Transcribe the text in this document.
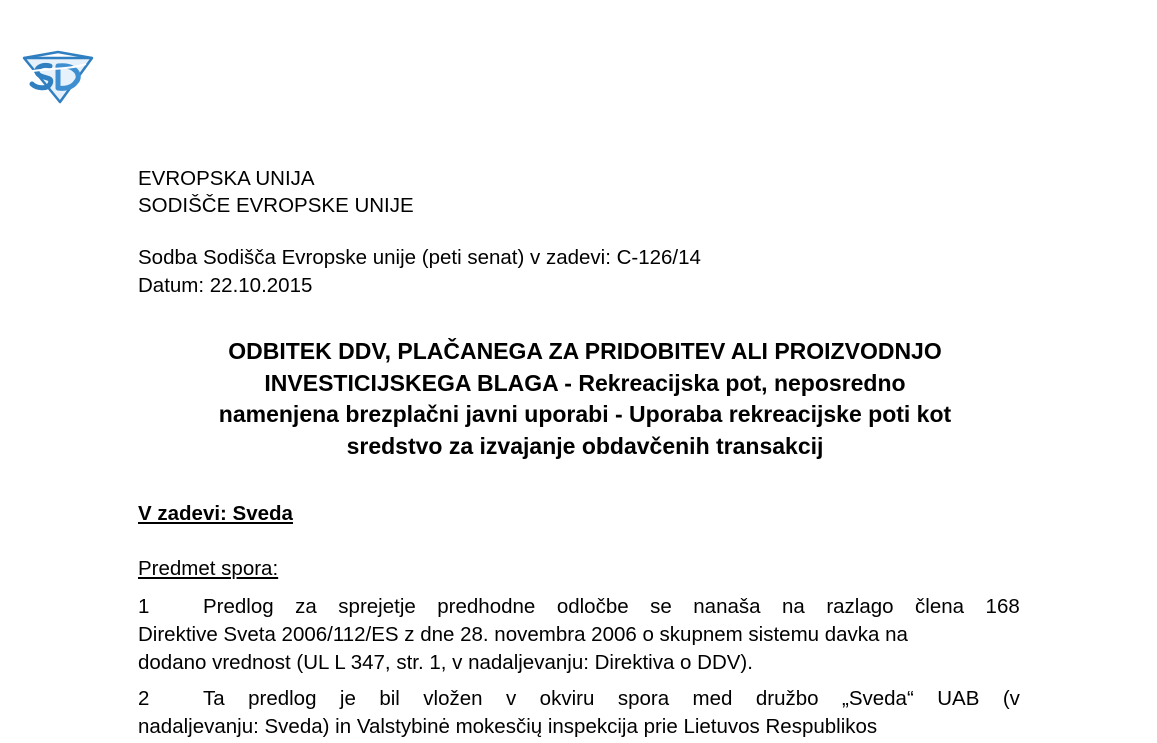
EVROPSKA UNIJA
SODIŠČE EVROPSKE UNIJE
Sodba Sodišča Evropske unije (peti senat) v zadevi: C-126/14
Datum: 22.10.2015
ODBITEK DDV, PLAČANEGA ZA PRIDOBITEV ALI PROIZVODNJO
INVESTICIJSKEGA BLAGA - Rekreacijska pot, neposredno
namenjena brezplačni javni uporabi - Uporaba rekreacijske poti kot
sredstvo za izvajanje obdavčenih transakcij
V zadevi: Sveda
Predmet spora:
1	Predlog za sprejetje predhodne odločbe se nanaša na razlago člena 168
Direktive Sveta 2006/112/ES z dne 28. novembra 2006 o skupnem sistemu davka na
dodano vrednost (UL L 347, str. 1, v nadaljevanju: Direktiva o DDV).
2	Ta predlog je bil vložen v okviru spora med družbo „Sveda“ UAB (v
nadaljevanju: Sveda) in Valstybinė mokesčių inspekcija prie Lietuvos Respublikos
